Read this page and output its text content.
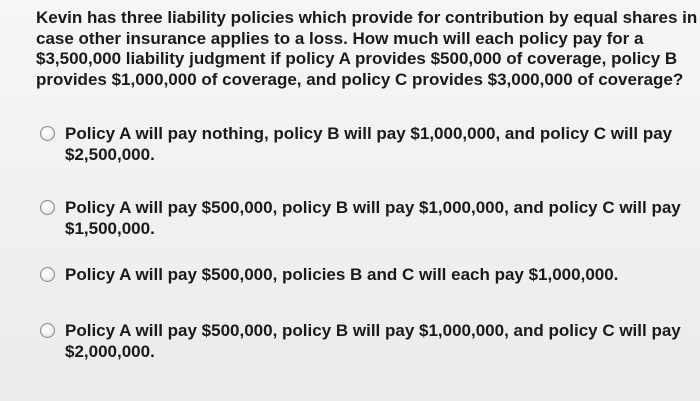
Kevin has three liability policies which provide for contribution by equal shares in
case other insurance applies to a loss. How much will each policy pay for a
$3,500,000 liability judgment if policy A provides $500,000 of coverage, policy B
provides $1,000,000 of coverage, and policy C provides $3,000,000 of coverage?
Policy A will pay nothing, policy B will pay $1,000,000, and policy C will pay
$2,500,000.
Policy A will pay $500,000, policy B will pay $1,000,000, and policy C will pay
$1,500,000.
Policy A will pay $500,000, policies B and C will each pay $1,000,000.
Policy A will pay $500,000, policy B will pay $1,000,000, and policy C will pay
$2,000,000.
